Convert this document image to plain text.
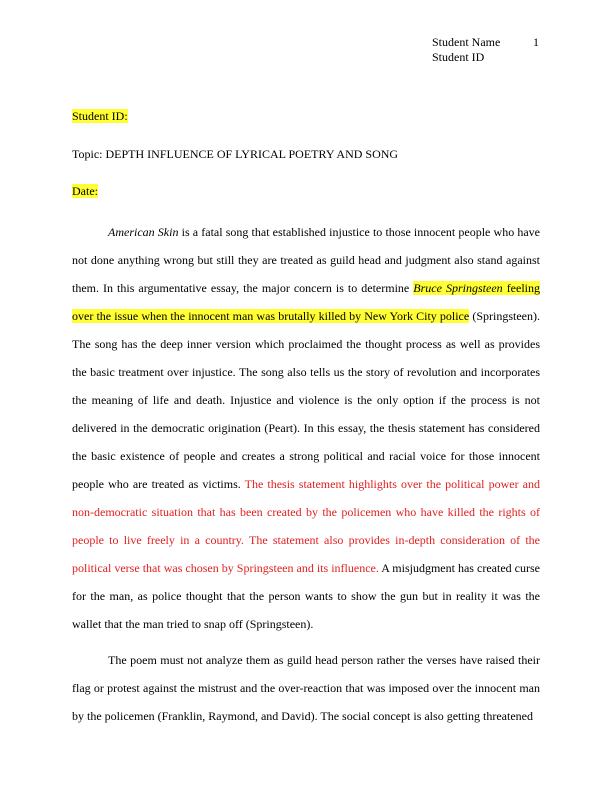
Student Name	1
Student ID
Student ID:
Topic: DEPTH INFLUENCE OF LYRICAL POETRY AND SONG
Date:

American Skin is a fatal song that established injustice to those innocent people who have not done anything wrong but still they are treated as guild head and judgment also stand against them. In this argumentative essay, the major concern is to determine Bruce Springsteen feeling over the issue when the innocent man was brutally killed by New York City police (Springsteen). The song has the deep inner version which proclaimed the thought process as well as provides the basic treatment over injustice. The song also tells us the story of revolution and incorporates the meaning of life and death. Injustice and violence is the only option if the process is not delivered in the democratic origination (Peart). In this essay, the thesis statement has considered the basic existence of people and creates a strong political and racial voice for those innocent people who are treated as victims. The thesis statement highlights over the political power and non-democratic situation that has been created by the policemen who have killed the rights of people to live freely in a country. The statement also provides in-depth consideration of the political verse that was chosen by Springsteen and its influence. A misjudgment has created curse for the man, as police thought that the person wants to show the gun but in reality it was the wallet that the man tried to snap off (Springsteen).

The poem must not analyze them as guild head person rather the verses have raised their flag or protest against the mistrust and the over-reaction that was imposed over the innocent man by the policemen (Franklin, Raymond, and David). The social concept is also getting threatened
